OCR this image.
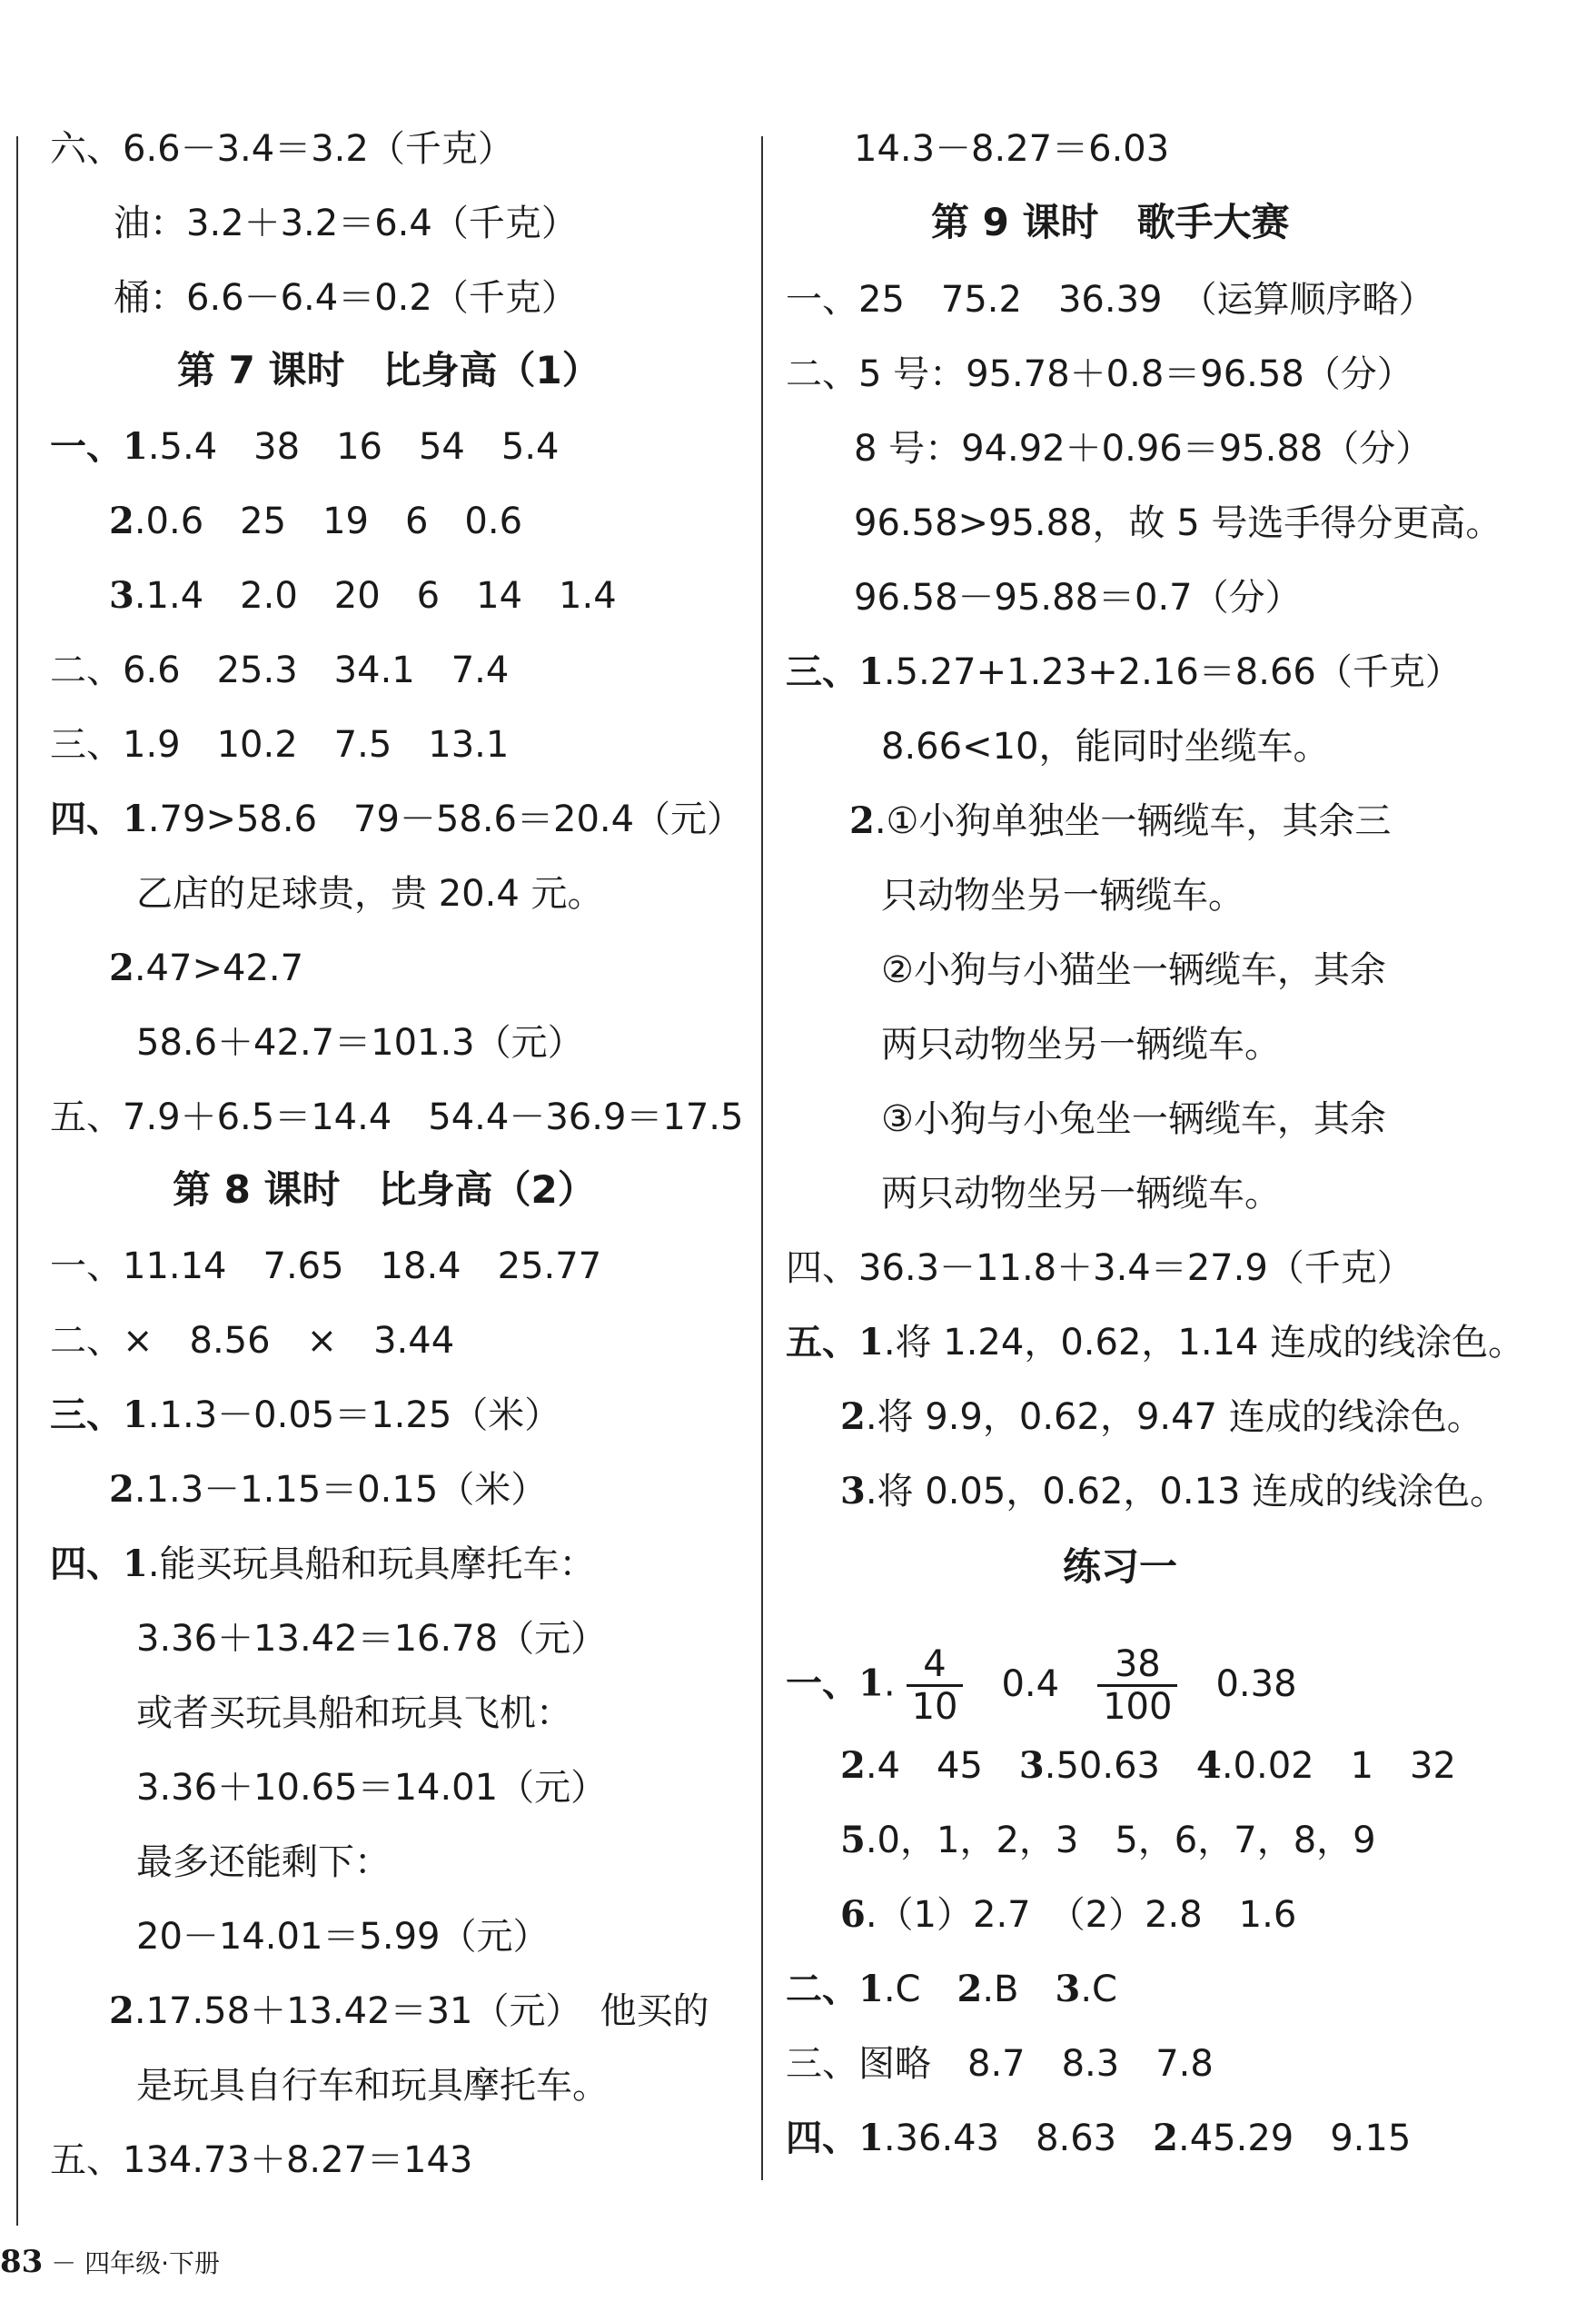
六、6.6－3.4＝3.2（千克）
油：3.2＋3.2＝6.4（千克）
桶：6.6－6.4＝0.2（千克）
第 7 课时　比身高（1）
一、1.5.4　38　16　54　5.4
2.0.6　25　19　6　0.6
3.1.4　2.0　20　6　14　1.4
二、6.6　25.3　34.1　7.4
三、1.9　10.2　7.5　13.1
四、1.79>58.6　79－58.6＝20.4（元）
乙店的足球贵，贵 20.4 元。
2.47>42.7
58.6＋42.7＝101.3（元）
五、7.9＋6.5＝14.4　54.4－36.9＝17.5
第 8 课时　比身高（2）
一、11.14　7.65　18.4　25.77
二、×　8.56　×　3.44
三、1.1.3－0.05＝1.25（米）
2.1.3－1.15＝0.15（米）
四、1.能买玩具船和玩具摩托车：
3.36＋13.42＝16.78（元）
或者买玩具船和玩具飞机：
3.36＋10.65＝14.01（元）
最多还能剩下：
20－14.01＝5.99（元）
2.17.58＋13.42＝31（元）　他买的
是玩具自行车和玩具摩托车。
五、134.73＋8.27＝143
14.3－8.27＝6.03
第 9 课时　歌手大赛
一、25　75.2　36.39　（运算顺序略）
二、5 号：95.78＋0.8＝96.58（分）
8 号：94.92＋0.96＝95.88（分）
96.58>95.88，故 5 号选手得分更高。
96.58－95.88＝0.7（分）
三、1.5.27+1.23+2.16＝8.66（千克）
8.66<10，能同时坐缆车。
2.①小狗单独坐一辆缆车，其余三
只动物坐另一辆缆车。
②小狗与小猫坐一辆缆车，其余
两只动物坐另一辆缆车。
③小狗与小兔坐一辆缆车，其余
两只动物坐另一辆缆车。
四、36.3－11.8＋3.4＝27.9（千克）
五、1.将 1.24，0.62，1.14 连成的线涂色。
2.将 9.9，0.62，9.47 连成的线涂色。
3.将 0.05，0.62，0.13 连成的线涂色。
练习一
一、1. $\frac{4}{10} 0.4 \frac{38}{100} 0.38$
2.4　45　3.50.63　4.0.02　1　32
5.0，1，2，3　5，6，7，8，9
6.（1）2.7　（2）2.8　1.6
二、1.C　2.B　3.C
三、图略　8.7　8.3　7.8
四、1.36.43　8.63　2.45.29　9.15
83 － 四年级·下册
